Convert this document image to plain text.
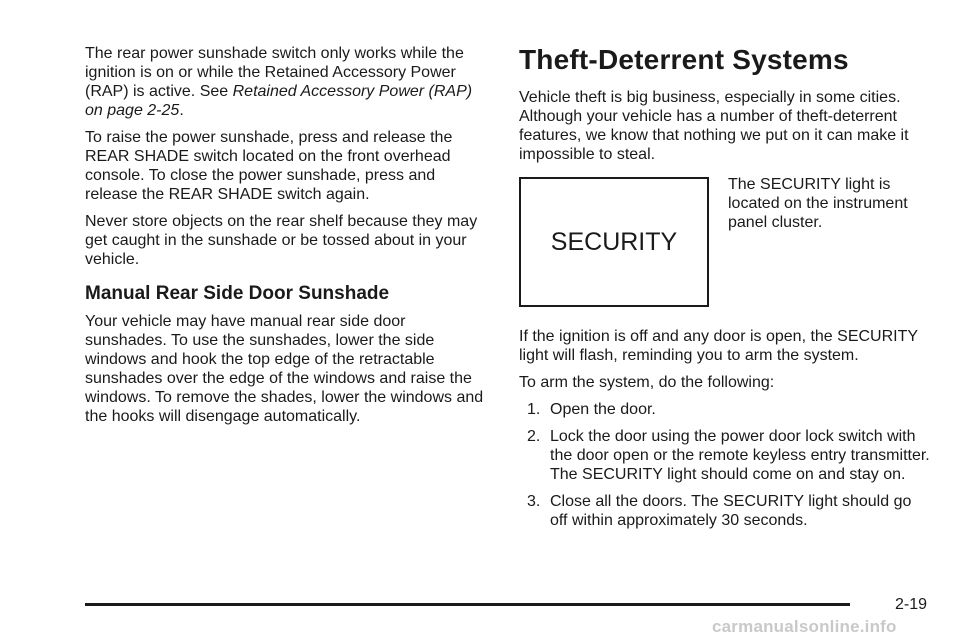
The rear power sunshade switch only works while the ignition is on or while the Retained Accessory Power (RAP) is active. See Retained Accessory Power (RAP) on page 2-25.

To raise the power sunshade, press and release the REAR SHADE switch located on the front overhead console. To close the power sunshade, press and release the REAR SHADE switch again.

Never store objects on the rear shelf because they may get caught in the sunshade or be tossed about in your vehicle.

Manual Rear Side Door Sunshade

Your vehicle may have manual rear side door sunshades. To use the sunshades, lower the side windows and hook the top edge of the retractable sunshades over the edge of the windows and raise the windows. To remove the shades, lower the windows and the hooks will disengage automatically.

Theft-Deterrent Systems

Vehicle theft is big business, especially in some cities. Although your vehicle has a number of theft-deterrent features, we know that nothing we put on it can make it impossible to steal.

SECURITY
The SECURITY light is located on the instrument panel cluster.

If the ignition is off and any door is open, the SECURITY light will flash, reminding you to arm the system.

To arm the system, do the following:

1. Open the door.
2. Lock the door using the power door lock switch with the door open or the remote keyless entry transmitter. The SECURITY light should come on and stay on.
3. Close all the doors. The SECURITY light should go off within approximately 30 seconds.
2-19
carmanualsonline.info
